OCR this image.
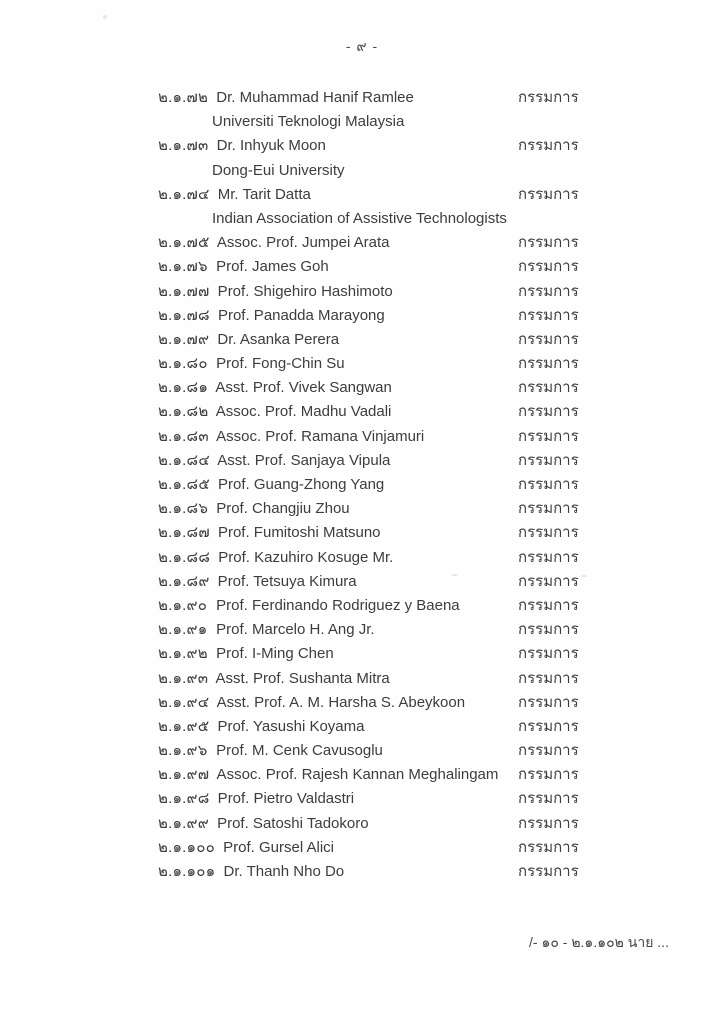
- ๙ -
๒.๑.๗๒ Dr. Muhammad Hanif Ramlee	กรรมการ
Universiti Teknologi Malaysia
๒.๑.๗๓ Dr. Inhyuk Moon	กรรมการ
Dong-Eui University
๒.๑.๗๔ Mr. Tarit Datta	กรรมการ
Indian Association of Assistive Technologists
๒.๑.๗๕ Assoc. Prof. Jumpei Arata	กรรมการ
๒.๑.๗๖ Prof. James Goh	กรรมการ
๒.๑.๗๗ Prof. Shigehiro Hashimoto	กรรมการ
๒.๑.๗๘ Prof. Panadda Marayong	กรรมการ
๒.๑.๗๙ Dr. Asanka Perera	กรรมการ
๒.๑.๘๐ Prof. Fong-Chin Su	กรรมการ
๒.๑.๘๑ Asst. Prof. Vivek Sangwan	กรรมการ
๒.๑.๘๒ Assoc. Prof. Madhu Vadali	กรรมการ
๒.๑.๘๓ Assoc. Prof. Ramana Vinjamuri	กรรมการ
๒.๑.๘๔ Asst. Prof. Sanjaya Vipula	กรรมการ
๒.๑.๘๕ Prof. Guang-Zhong Yang	กรรมการ
๒.๑.๘๖ Prof. Changjiu Zhou	กรรมการ
๒.๑.๘๗ Prof. Fumitoshi Matsuno	กรรมการ
๒.๑.๘๘ Prof. Kazuhiro Kosuge Mr.	กรรมการ
๒.๑.๘๙ Prof. Tetsuya Kimura	กรรมการ
๒.๑.๙๐ Prof. Ferdinando Rodriguez y Baena	กรรมการ
๒.๑.๙๑ Prof. Marcelo H. Ang Jr.	กรรมการ
๒.๑.๙๒ Prof. I-Ming Chen	กรรมการ
๒.๑.๙๓ Asst. Prof. Sushanta Mitra	กรรมการ
๒.๑.๙๔ Asst. Prof. A. M. Harsha S. Abeykoon	กรรมการ
๒.๑.๙๕ Prof. Yasushi Koyama	กรรมการ
๒.๑.๙๖ Prof. M. Cenk Cavusoglu	กรรมการ
๒.๑.๙๗ Assoc. Prof. Rajesh Kannan Meghalingam กรรมการ
๒.๑.๙๘ Prof. Pietro Valdastri	กรรมการ
๒.๑.๙๙ Prof. Satoshi Tadokoro	กรรมการ
๒.๑.๑๐๐ Prof. Gursel Alici	กรรมการ
๒.๑.๑๐๑ Dr. Thanh Nho Do	กรรมการ
/- ๑๐ - ๒.๑.๑๐๒ นาย ...
